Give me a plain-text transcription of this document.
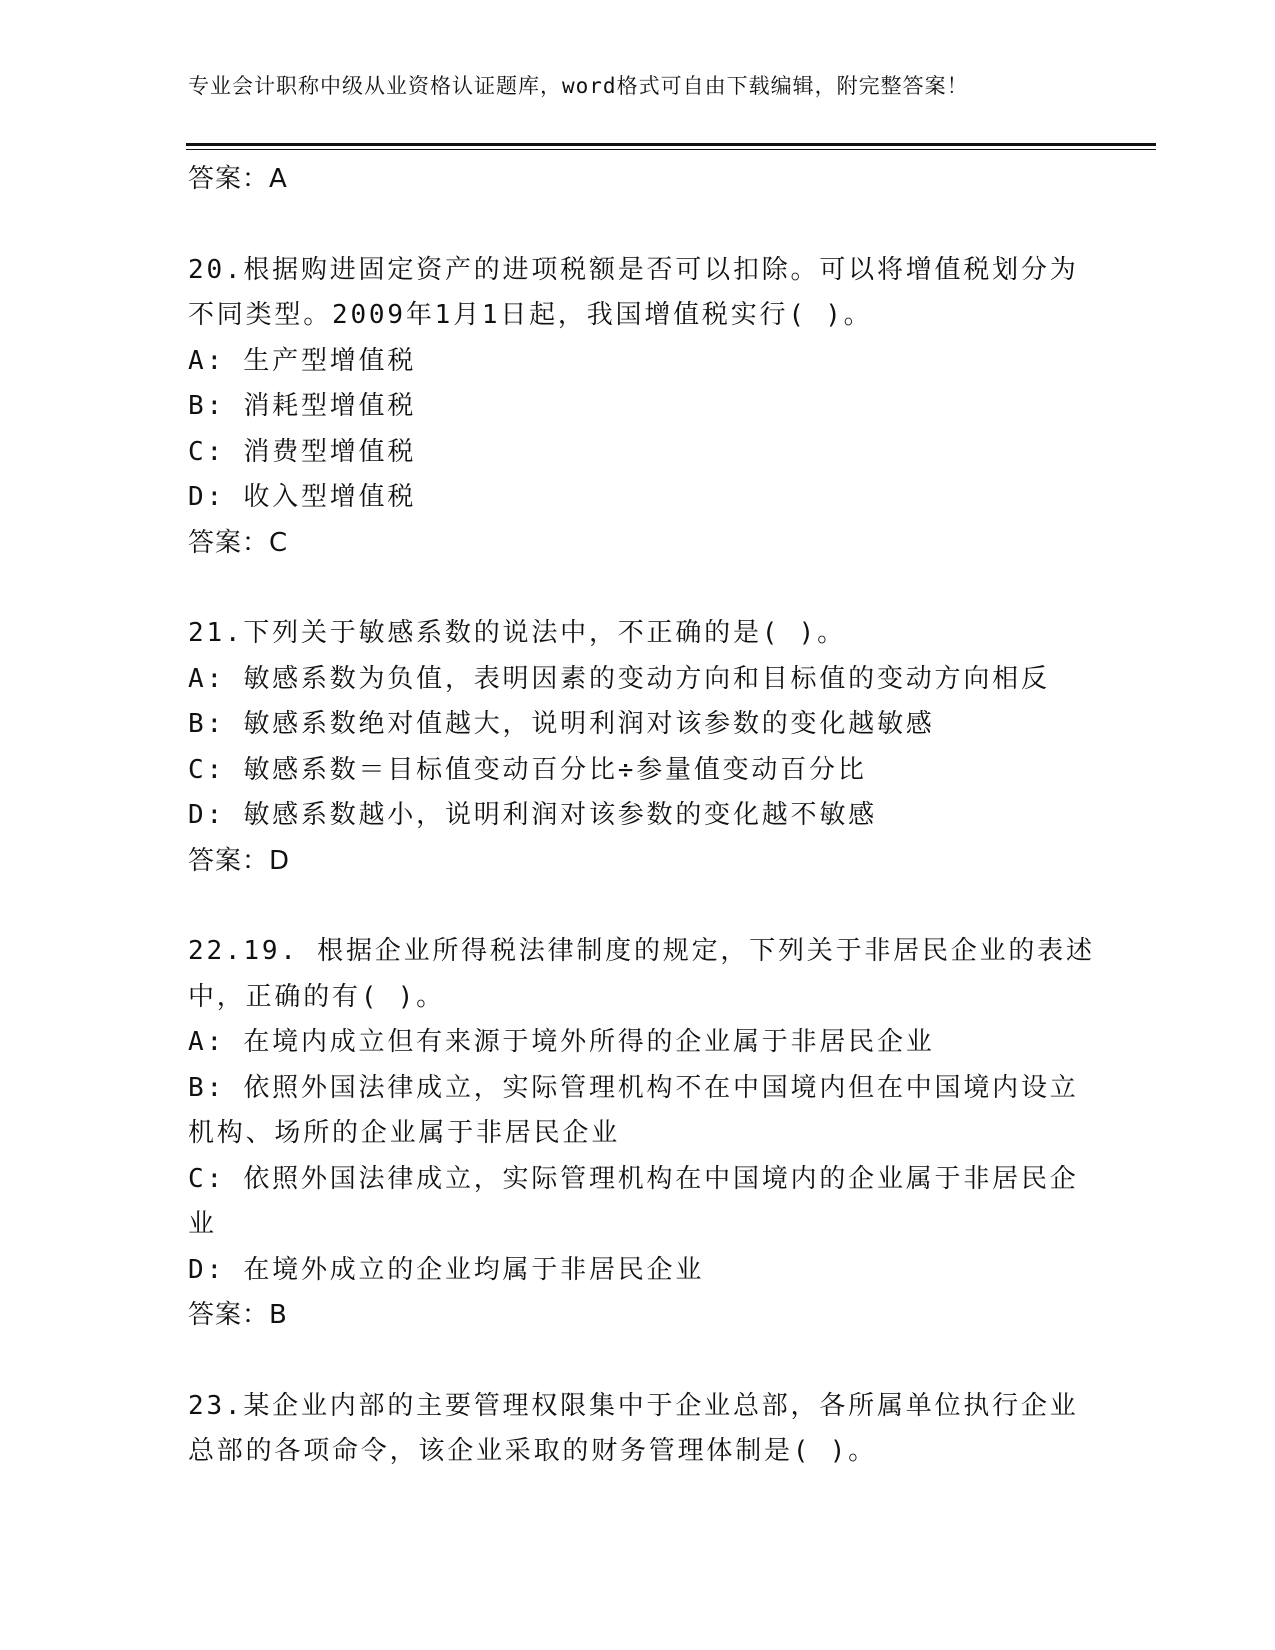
专业会计职称中级从业资格认证题库，word格式可自由下载编辑，附完整答案！
答案：A
20.根据购进固定资产的进项税额是否可以扣除。可以将增值税划分为
不同类型。2009年1月1日起，我国增值税实行( )。
A: 生产型增值税
B: 消耗型增值税
C: 消费型增值税
D: 收入型增值税
答案：C
21.下列关于敏感系数的说法中，不正确的是( )。
A: 敏感系数为负值，表明因素的变动方向和目标值的变动方向相反
B: 敏感系数绝对值越大，说明利润对该参数的变化越敏感
C: 敏感系数＝目标值变动百分比÷参量值变动百分比
D: 敏感系数越小，说明利润对该参数的变化越不敏感
答案：D
22.19. 根据企业所得税法律制度的规定，下列关于非居民企业的表述
中，正确的有( )。
A: 在境内成立但有来源于境外所得的企业属于非居民企业
B: 依照外国法律成立，实际管理机构不在中国境内但在中国境内设立
机构、场所的企业属于非居民企业
C: 依照外国法律成立，实际管理机构在中国境内的企业属于非居民企
业
D: 在境外成立的企业均属于非居民企业
答案：B
23.某企业内部的主要管理权限集中于企业总部，各所属单位执行企业
总部的各项命令，该企业采取的财务管理体制是( )。
